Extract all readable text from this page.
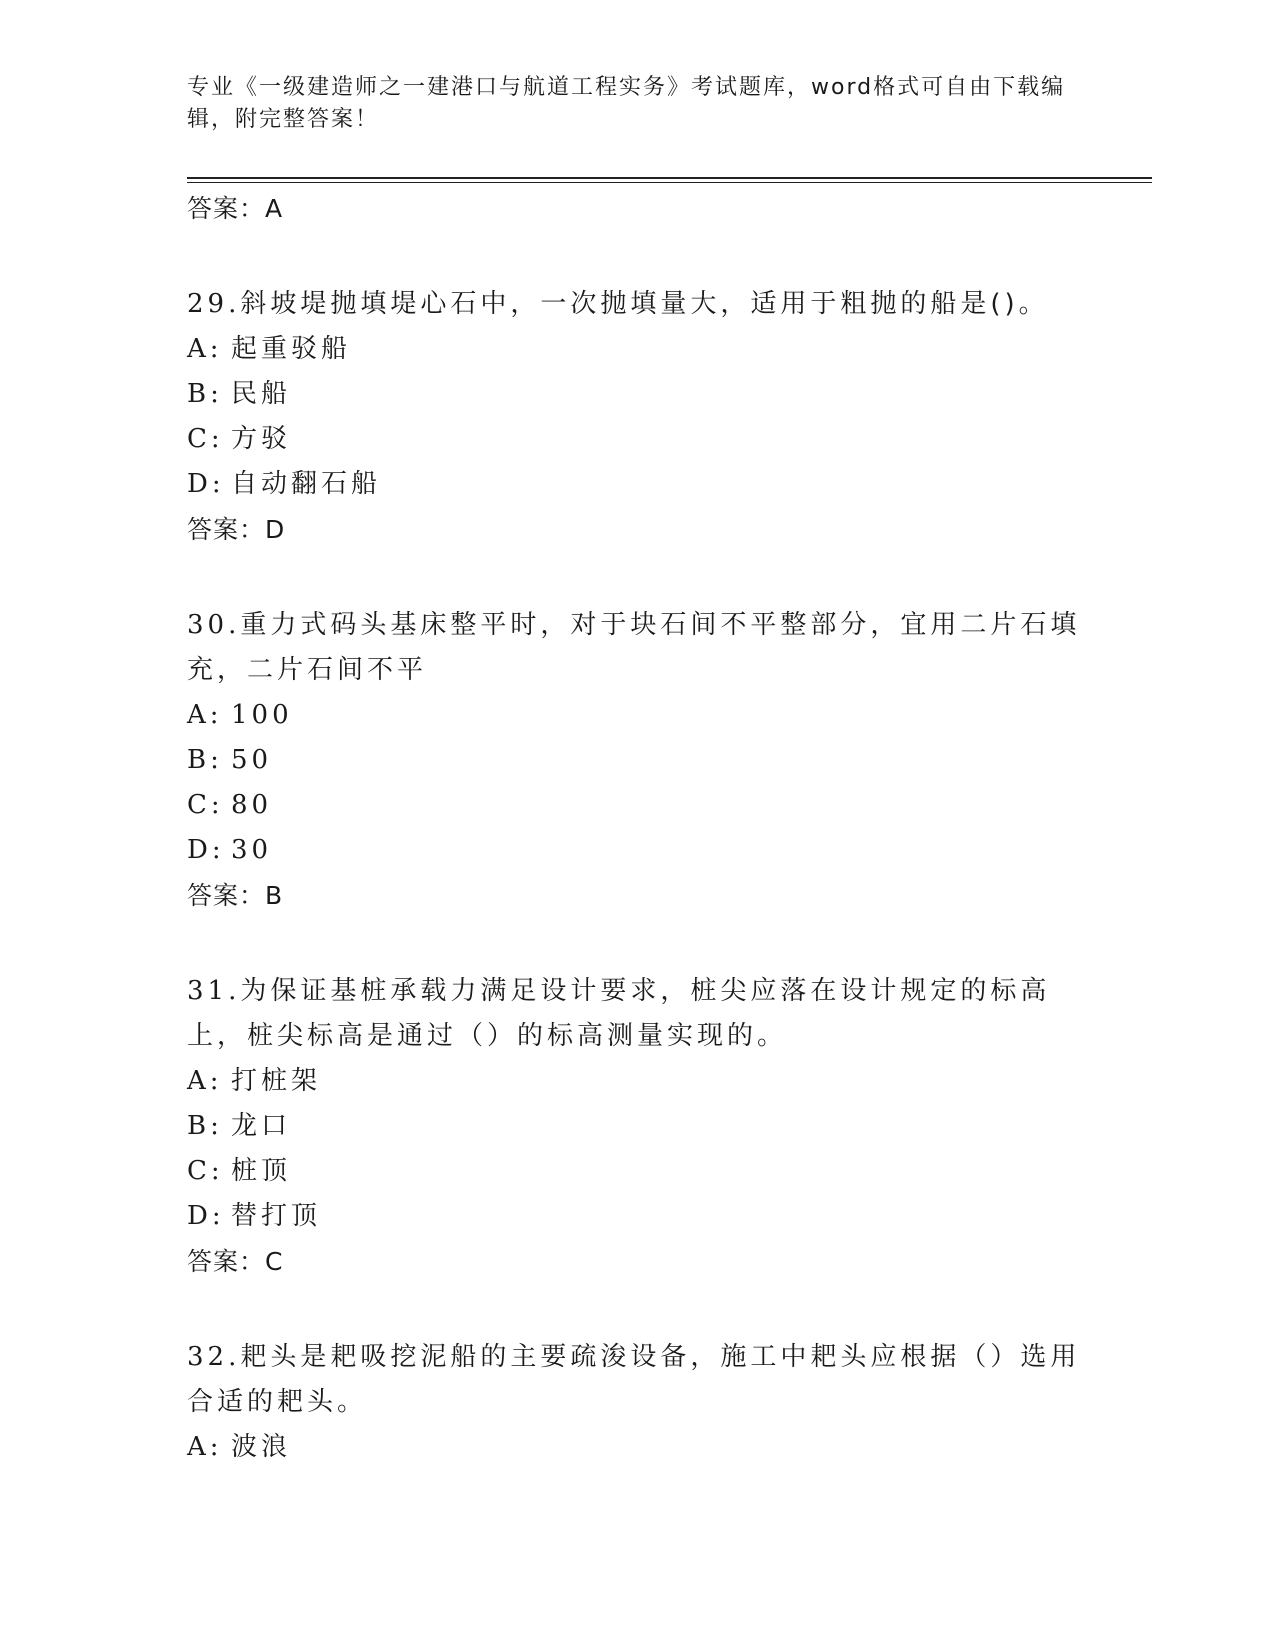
专业《一级建造师之一建港口与航道工程实务》考试题库，word格式可自由下载编辑，附完整答案！
答案：A
29.斜坡堤抛填堤心石中，一次抛填量大，适用于粗抛的船是()。
A: 起重驳船
B: 民船
C: 方驳
D: 自动翻石船
答案：D
30.重力式码头基床整平时，对于块石间不平整部分，宜用二片石填充，二片石间不平
A: 100
B: 50
C: 80
D: 30
答案：B
31.为保证基桩承载力满足设计要求，桩尖应落在设计规定的标高上，桩尖标高是通过（）的标高测量实现的。
A: 打桩架
B: 龙口
C: 桩顶
D: 替打顶
答案：C
32.耙头是耙吸挖泥船的主要疏浚设备，施工中耙头应根据（）选用合适的耙头。
A: 波浪
